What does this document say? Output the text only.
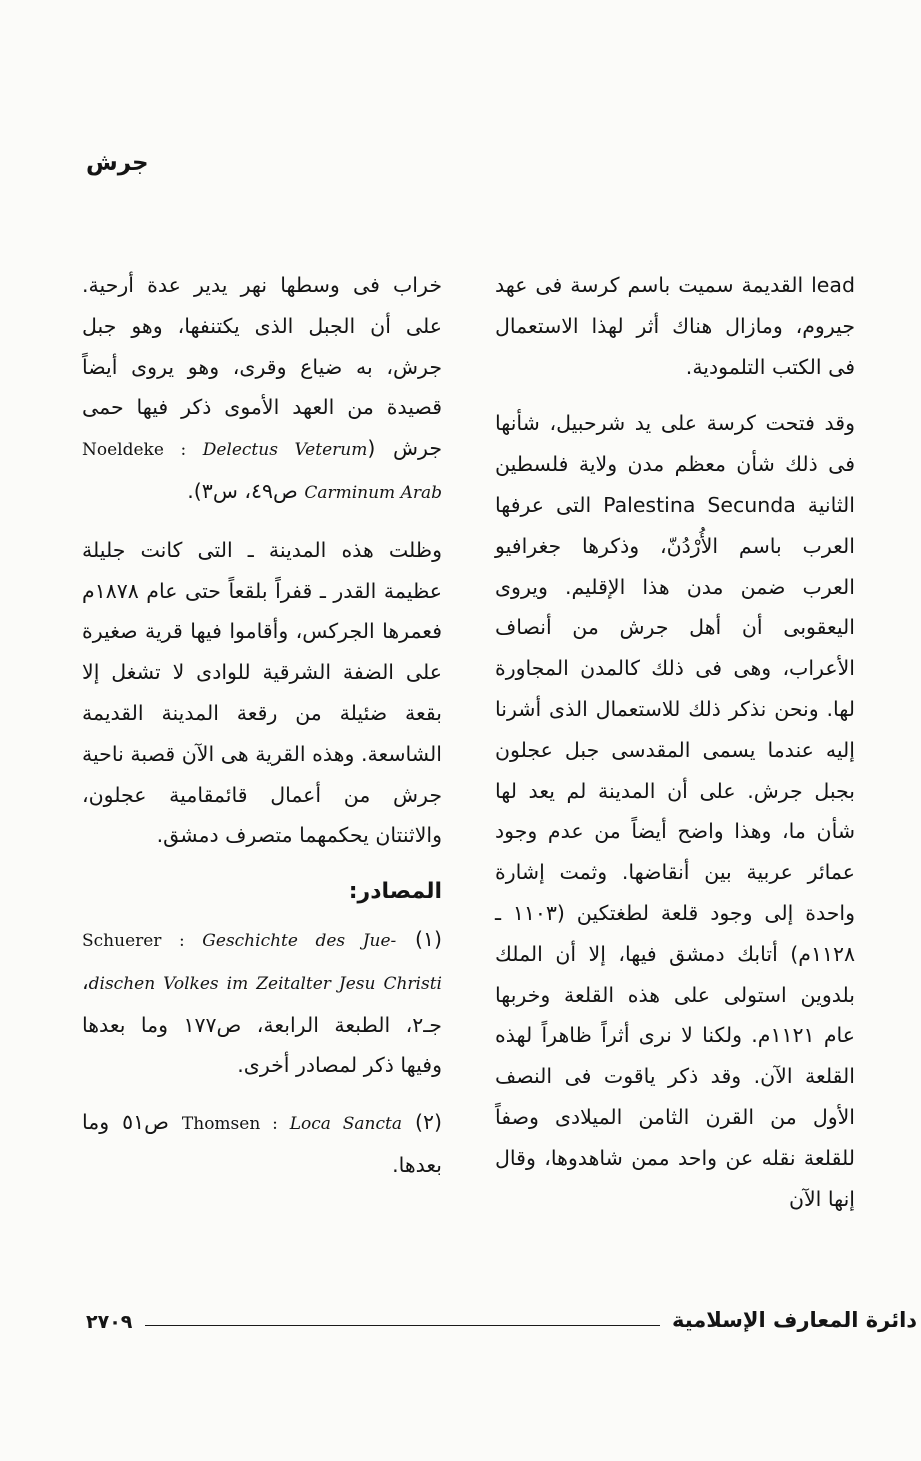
جرش

lead القديمة سميت باسم كرسة فى عهد جيروم، ومازال هناك أثر لهذا الاستعمال فى الكتب التلمودية.

وقد فتحت كرسة على يد شرحبيل، شأنها فى ذلك شأن معظم مدن ولاية فلسطين الثانية Palestina Secunda التى عرفها العرب باسم الأُرْدُنّ، وذكرها جغرافيو العرب ضمن مدن هذا الإقليم. ويروى اليعقوبى أن أهل جرش من أنصاف الأعراب، وهى فى ذلك كالمدن المجاورة لها. ونحن نذكر ذلك للاستعمال الذى أشرنا إليه عندما يسمى المقدسى جبل عجلون بجبل جرش. على أن المدينة لم يعد لها شأن ما، وهذا واضح أيضاً من عدم وجود عمائر عربية بين أنقاضها. وثمت إشارة واحدة إلى وجود قلعة لطغتكين (١١٠٣ ـ ١١٢٨م) أتابك دمشق فيها، إلا أن الملك بلدوين استولى على هذه القلعة وخربها عام ١١٢١م. ولكنا لا نرى أثراً ظاهراً لهذه القلعة الآن. وقد ذكر ياقوت فى النصف الأول من القرن الثامن الميلادى وصفاً للقلعة نقله عن واحد ممن شاهدوها، وقال إنها الآن

خراب فى وسطها نهر يدير عدة أرحية. على أن الجبل الذى يكتنفها، وهو جبل جرش، به ضياع وقرى، وهو يروى أيضاً قصيدة من العهد الأموى ذكر فيها حمى جرش (Noeldeke : Delectus Veterum Carminum Arab ص٤٩، س٣).

وظلت هذه المدينة ـ التى كانت جليلة عظيمة القدر ـ قفراً بلقعاً حتى عام ١٨٧٨م فعمرها الجركس، وأقاموا فيها قرية صغيرة على الضفة الشرقية للوادى لا تشغل إلا بقعة ضئيلة من رقعة المدينة القديمة الشاسعة. وهذه القرية هى الآن قصبة ناحية جرش من أعمال قائمقامية عجلون، والاثنتان يحكمهما متصرف دمشق.

المصادر:

(١) Schuerer : Geschichte des Jue-dischen Volkes im Zeitalter Jesu Christi، جـ٢، الطبعة الرابعة، ص١٧٧ وما بعدها وفيها ذكر لمصادر أخرى.

(٢) Thomsen : Loca Sancta ص٥١ وما بعدها.

دائرة المعارف الإسلامية
٢٧٠٩
